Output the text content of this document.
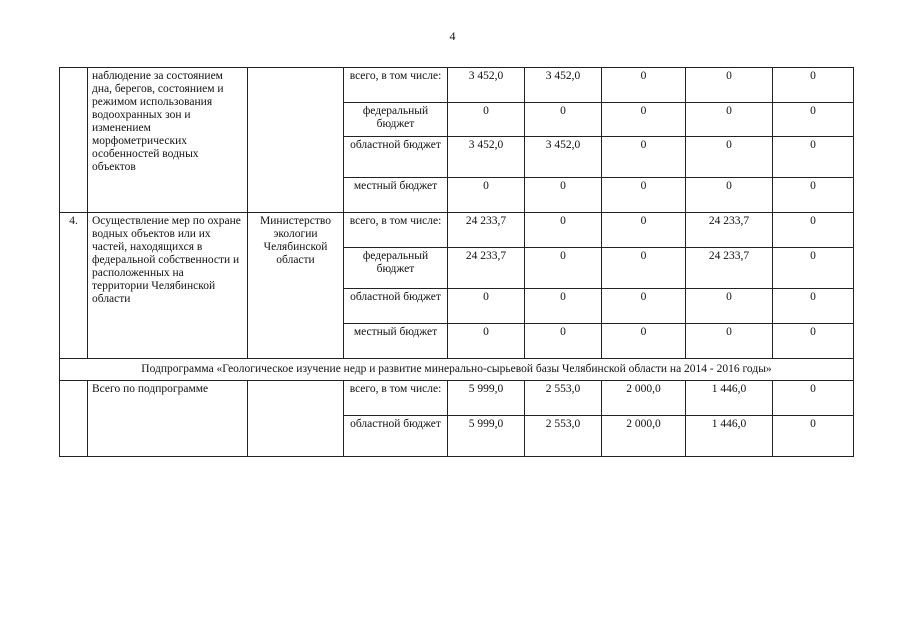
4
	наблюдение за состоянием дна, берегов, состоянием и режимом использования водоохранных зон и изменением морфометрических особенностей водных объектов		всего, в том числе:	3 452,0	3 452,0	0	0	0
			федеральный бюджет	0	0	0	0	0
			областной бюджет	3 452,0	3 452,0	0	0	0
			местный бюджет	0	0	0	0	0
4.	Осуществление мер по охране водных объектов или их частей, находящихся в федеральной собственности и расположенных на территории Челябинской области	Министерство экологии Челябинской области	всего, в том числе:	24 233,7	0	0	24 233,7	0
			федеральный бюджет	24 233,7	0	0	24 233,7	0
			областной бюджет	0	0	0	0	0
			местный бюджет	0	0	0	0	0
Подпрограмма «Геологическое изучение недр и развитие минерально-сырьевой базы Челябинской области на 2014 - 2016 годы»								
	Всего по подпрограмме		всего, в том числе:	5 999,0	2 553,0	2 000,0	1 446,0	0
			областной бюджет	5 999,0	2 553,0	2 000,0	1 446,0	0
